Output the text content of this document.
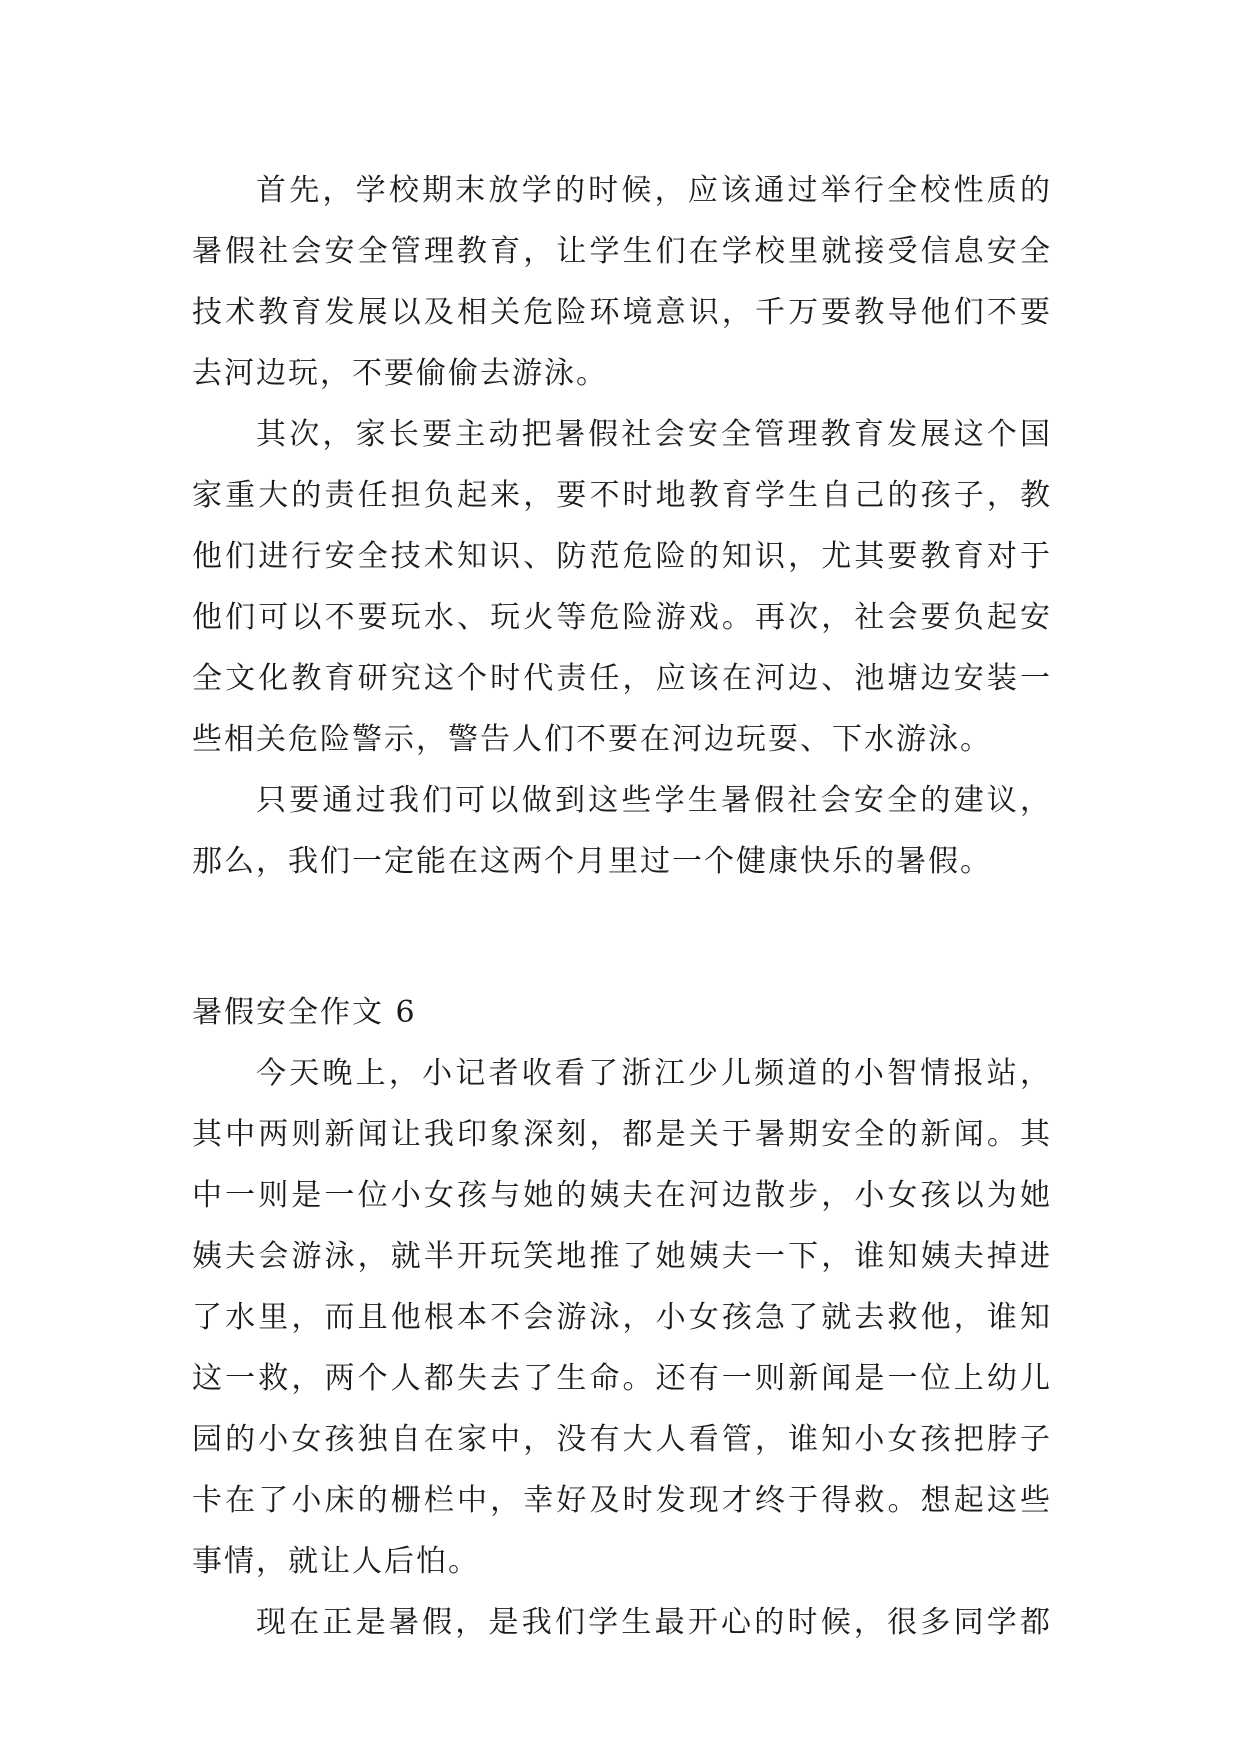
首先，学校期末放学的时候，应该通过举行全校性质的
暑假社会安全管理教育，让学生们在学校里就接受信息安全
技术教育发展以及相关危险环境意识，千万要教导他们不要
去河边玩，不要偷偷去游泳。
其次，家长要主动把暑假社会安全管理教育发展这个国
家重大的责任担负起来，要不时地教育学生自己的孩子，教
他们进行安全技术知识、防范危险的知识，尤其要教育对于
他们可以不要玩水、玩火等危险游戏。再次，社会要负起安
全文化教育研究这个时代责任，应该在河边、池塘边安装一
些相关危险警示，警告人们不要在河边玩耍、下水游泳。
只要通过我们可以做到这些学生暑假社会安全的建议，
那么，我们一定能在这两个月里过一个健康快乐的暑假。
暑假安全作文 6
今天晚上，小记者收看了浙江少儿频道的小智情报站，
其中两则新闻让我印象深刻，都是关于暑期安全的新闻。其
中一则是一位小女孩与她的姨夫在河边散步，小女孩以为她
姨夫会游泳，就半开玩笑地推了她姨夫一下，谁知姨夫掉进
了水里，而且他根本不会游泳，小女孩急了就去救他，谁知
这一救，两个人都失去了生命。还有一则新闻是一位上幼儿
园的小女孩独自在家中，没有大人看管，谁知小女孩把脖子
卡在了小床的栅栏中，幸好及时发现才终于得救。想起这些
事情，就让人后怕。
现在正是暑假，是我们学生最开心的时候，很多同学都
